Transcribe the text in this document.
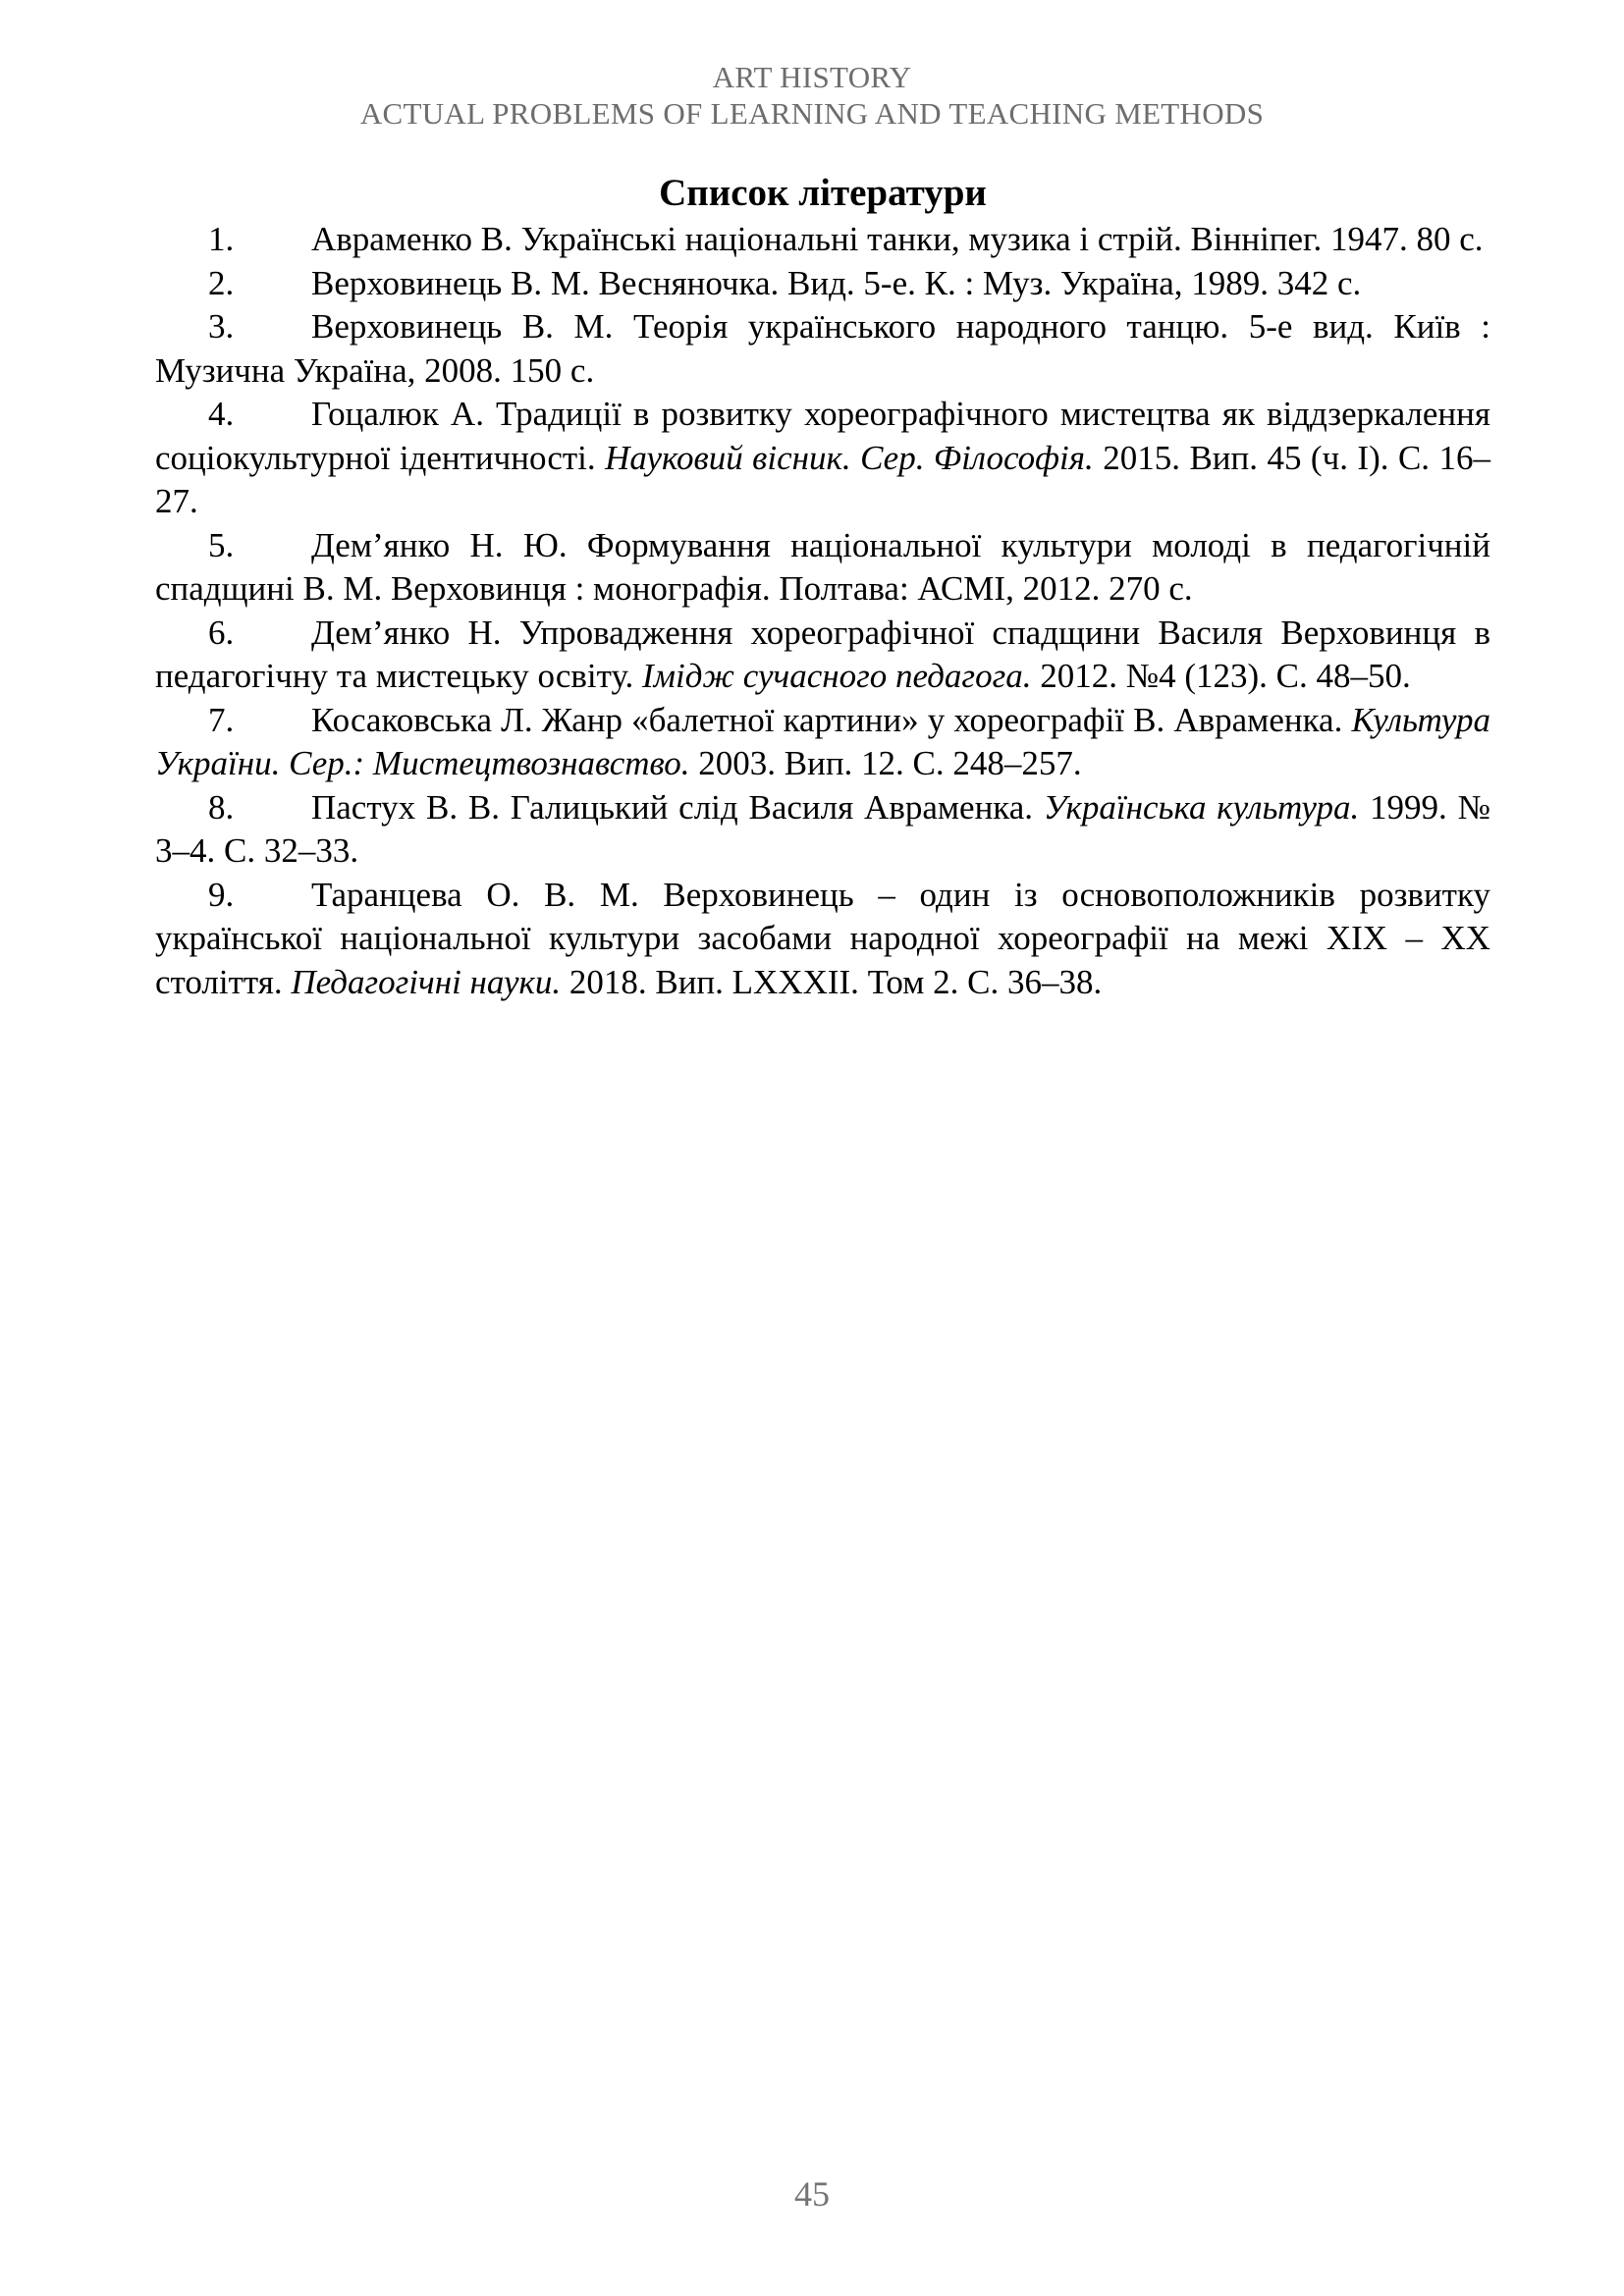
ART HISTORY
ACTUAL PROBLEMS OF LEARNING AND TEACHING METHODS
Список літератури

1. Авраменко В. Українські національні танки, музика і стрій. Вінніпег. 1947. 80 с.

2. Верховинець В. М. Весняночка. Вид. 5-е. К. : Муз. Україна, 1989. 342 с.

3. Верховинець В. М. Теорія українського народного танцю. 5-е вид. Київ : Музична Україна, 2008. 150 с.

4. Гоцалюк А. Традиції в розвитку хореографічного мистецтва як віддзеркалення соціокультурної ідентичності. Науковий вісник. Сер. Філософія. 2015. Вип. 45 (ч. І). С. 16–27.

5. Дем’янко Н. Ю. Формування національної культури молоді в педагогічній спадщині В. М. Верховинця : монографія. Полтава: АСМІ, 2012. 270 с.

6. Дем’янко Н. Упровадження хореографічної спадщини Василя Верховинця в педагогічну та мистецьку освіту. Імідж сучасного педагога. 2012. №4 (123). С. 48–50.

7. Косаковська Л. Жанр «балетної картини» у хореографії В. Авраменка. Культура України. Сер.: Мистецтвознавство. 2003. Вип. 12. С. 248–257.

8. Пастух В. В. Галицький слід Василя Авраменка. Українська культура. 1999. № 3–4. С. 32–33.

9. Таранцева О. В. М. Верховинець – один із основоположників розвитку української національної культури засобами народної хореографії на межі XIX – XX століття. Педагогічні науки. 2018. Вип. LXXXII. Том 2. С. 36–38.

45
